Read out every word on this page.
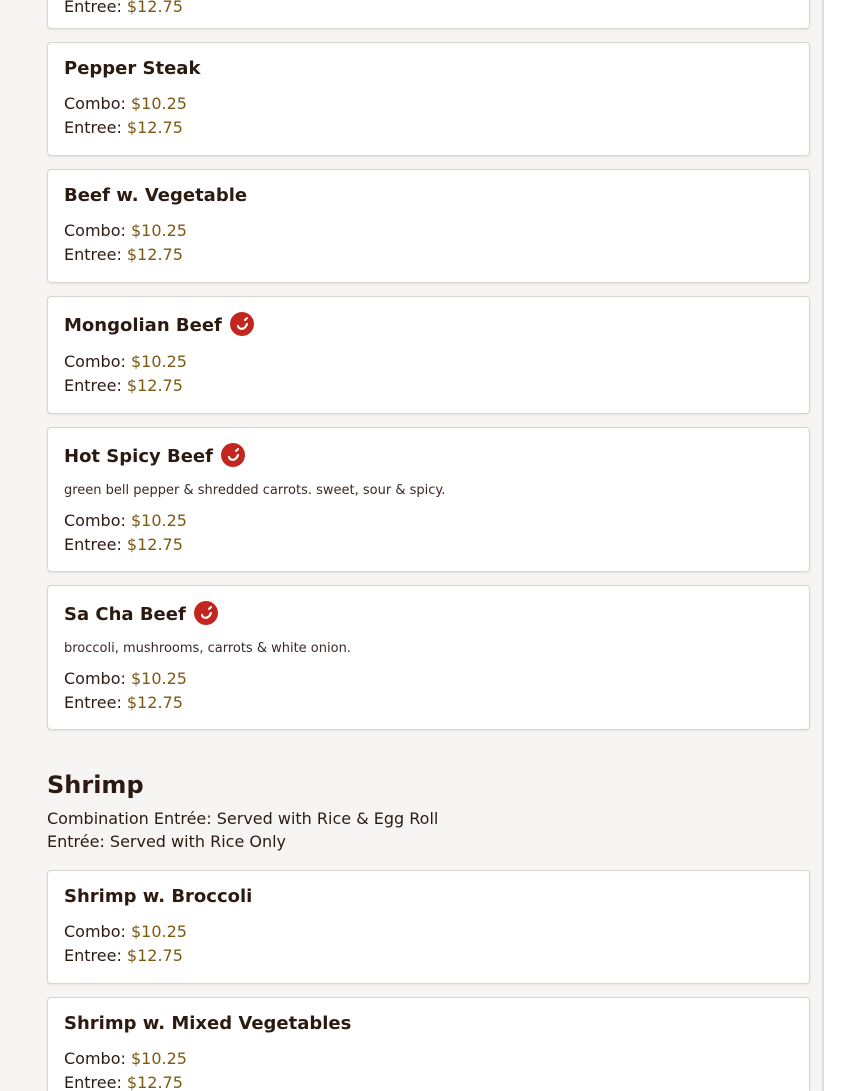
Entree: $12.75
Pepper Steak
Combo: $10.25
Entree: $12.75
Beef w. Vegetable
Combo: $10.25
Entree: $12.75
Mongolian Beef
Combo: $10.25
Entree: $12.75
Hot Spicy Beef
green bell pepper & shredded carrots. sweet, sour & spicy.
Combo: $10.25
Entree: $12.75
Sa Cha Beef
broccoli, mushrooms, carrots & white onion.
Combo: $10.25
Entree: $12.75
Shrimp
Combination Entrée: Served with Rice & Egg Roll
Entrée: Served with Rice Only
Shrimp w. Broccoli
Combo: $10.25
Entree: $12.75
Shrimp w. Mixed Vegetables
Combo: $10.25
Entree: $12.75
